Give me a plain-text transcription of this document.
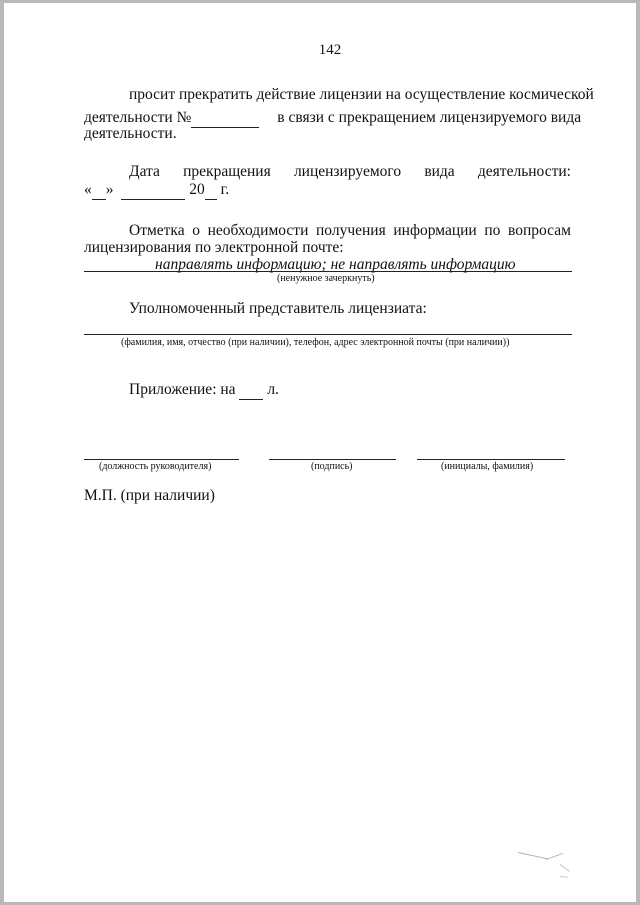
142
просит прекратить действие лицензии на осуществление космической
деятельности №	в связи с прекращением лицензируемого вида
деятельности.
Дата прекращения лицензируемого вида деятельности:
« »	20 г.
Отметка о необходимости получения информации по вопросам
лицензирования по электронной почте:
направлять информацию; не направлять информацию
(ненужное зачеркнуть)
Уполномоченный представитель лицензиата:
(фамилия, имя, отчество (при наличии), телефон, адрес электронной почты (при наличии))
Приложение: на л.
(должность руководителя)	(подпись)	(инициалы, фамилия)
М.П. (при наличии)
